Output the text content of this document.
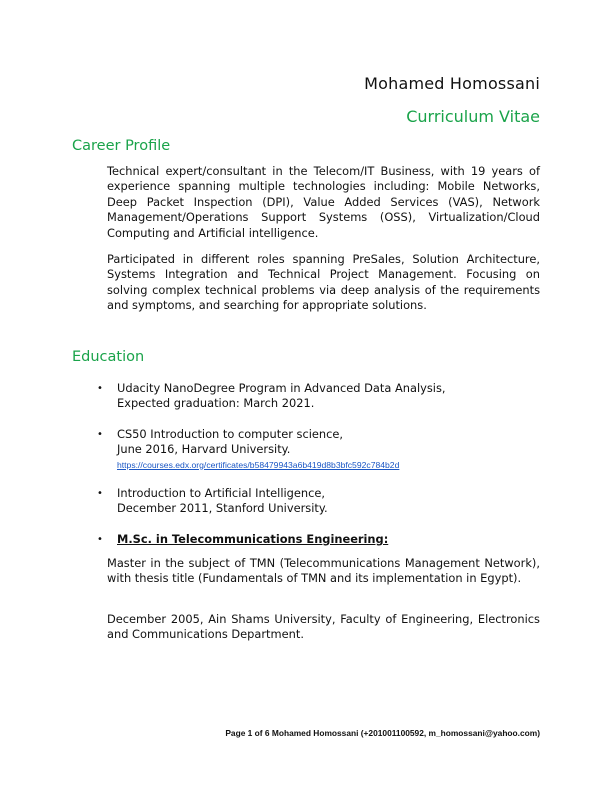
Mohamed Homossani
Curriculum Vitae
Career Profile
Technical expert/consultant in the Telecom/IT Business, with 19 years of experience spanning multiple technologies including: Mobile Networks, Deep Packet Inspection (DPI), Value Added Services (VAS), Network Management/Operations Support Systems (OSS), Virtualization/Cloud Computing and Artificial intelligence.
Participated in different roles spanning PreSales, Solution Architecture, Systems Integration and Technical Project Management. Focusing on solving complex technical problems via deep analysis of the requirements and symptoms, and searching for appropriate solutions.
Education
• Udacity NanoDegree Program in Advanced Data Analysis,
Expected graduation: March 2021.
• CS50 Introduction to computer science,
June 2016, Harvard University.
https://courses.edx.org/certificates/b58479943a6b419d8b3bfc592c784b2d
• Introduction to Artificial Intelligence,
December 2011, Stanford University.
• M.Sc. in Telecommunications Engineering:
Master in the subject of TMN (Telecommunications Management Network), with thesis title (Fundamentals of TMN and its implementation in Egypt).
December 2005, Ain Shams University, Faculty of Engineering, Electronics and Communications Department.
Page 1 of 6 Mohamed Homossani (+201001100592, m_homossani@yahoo.com)
